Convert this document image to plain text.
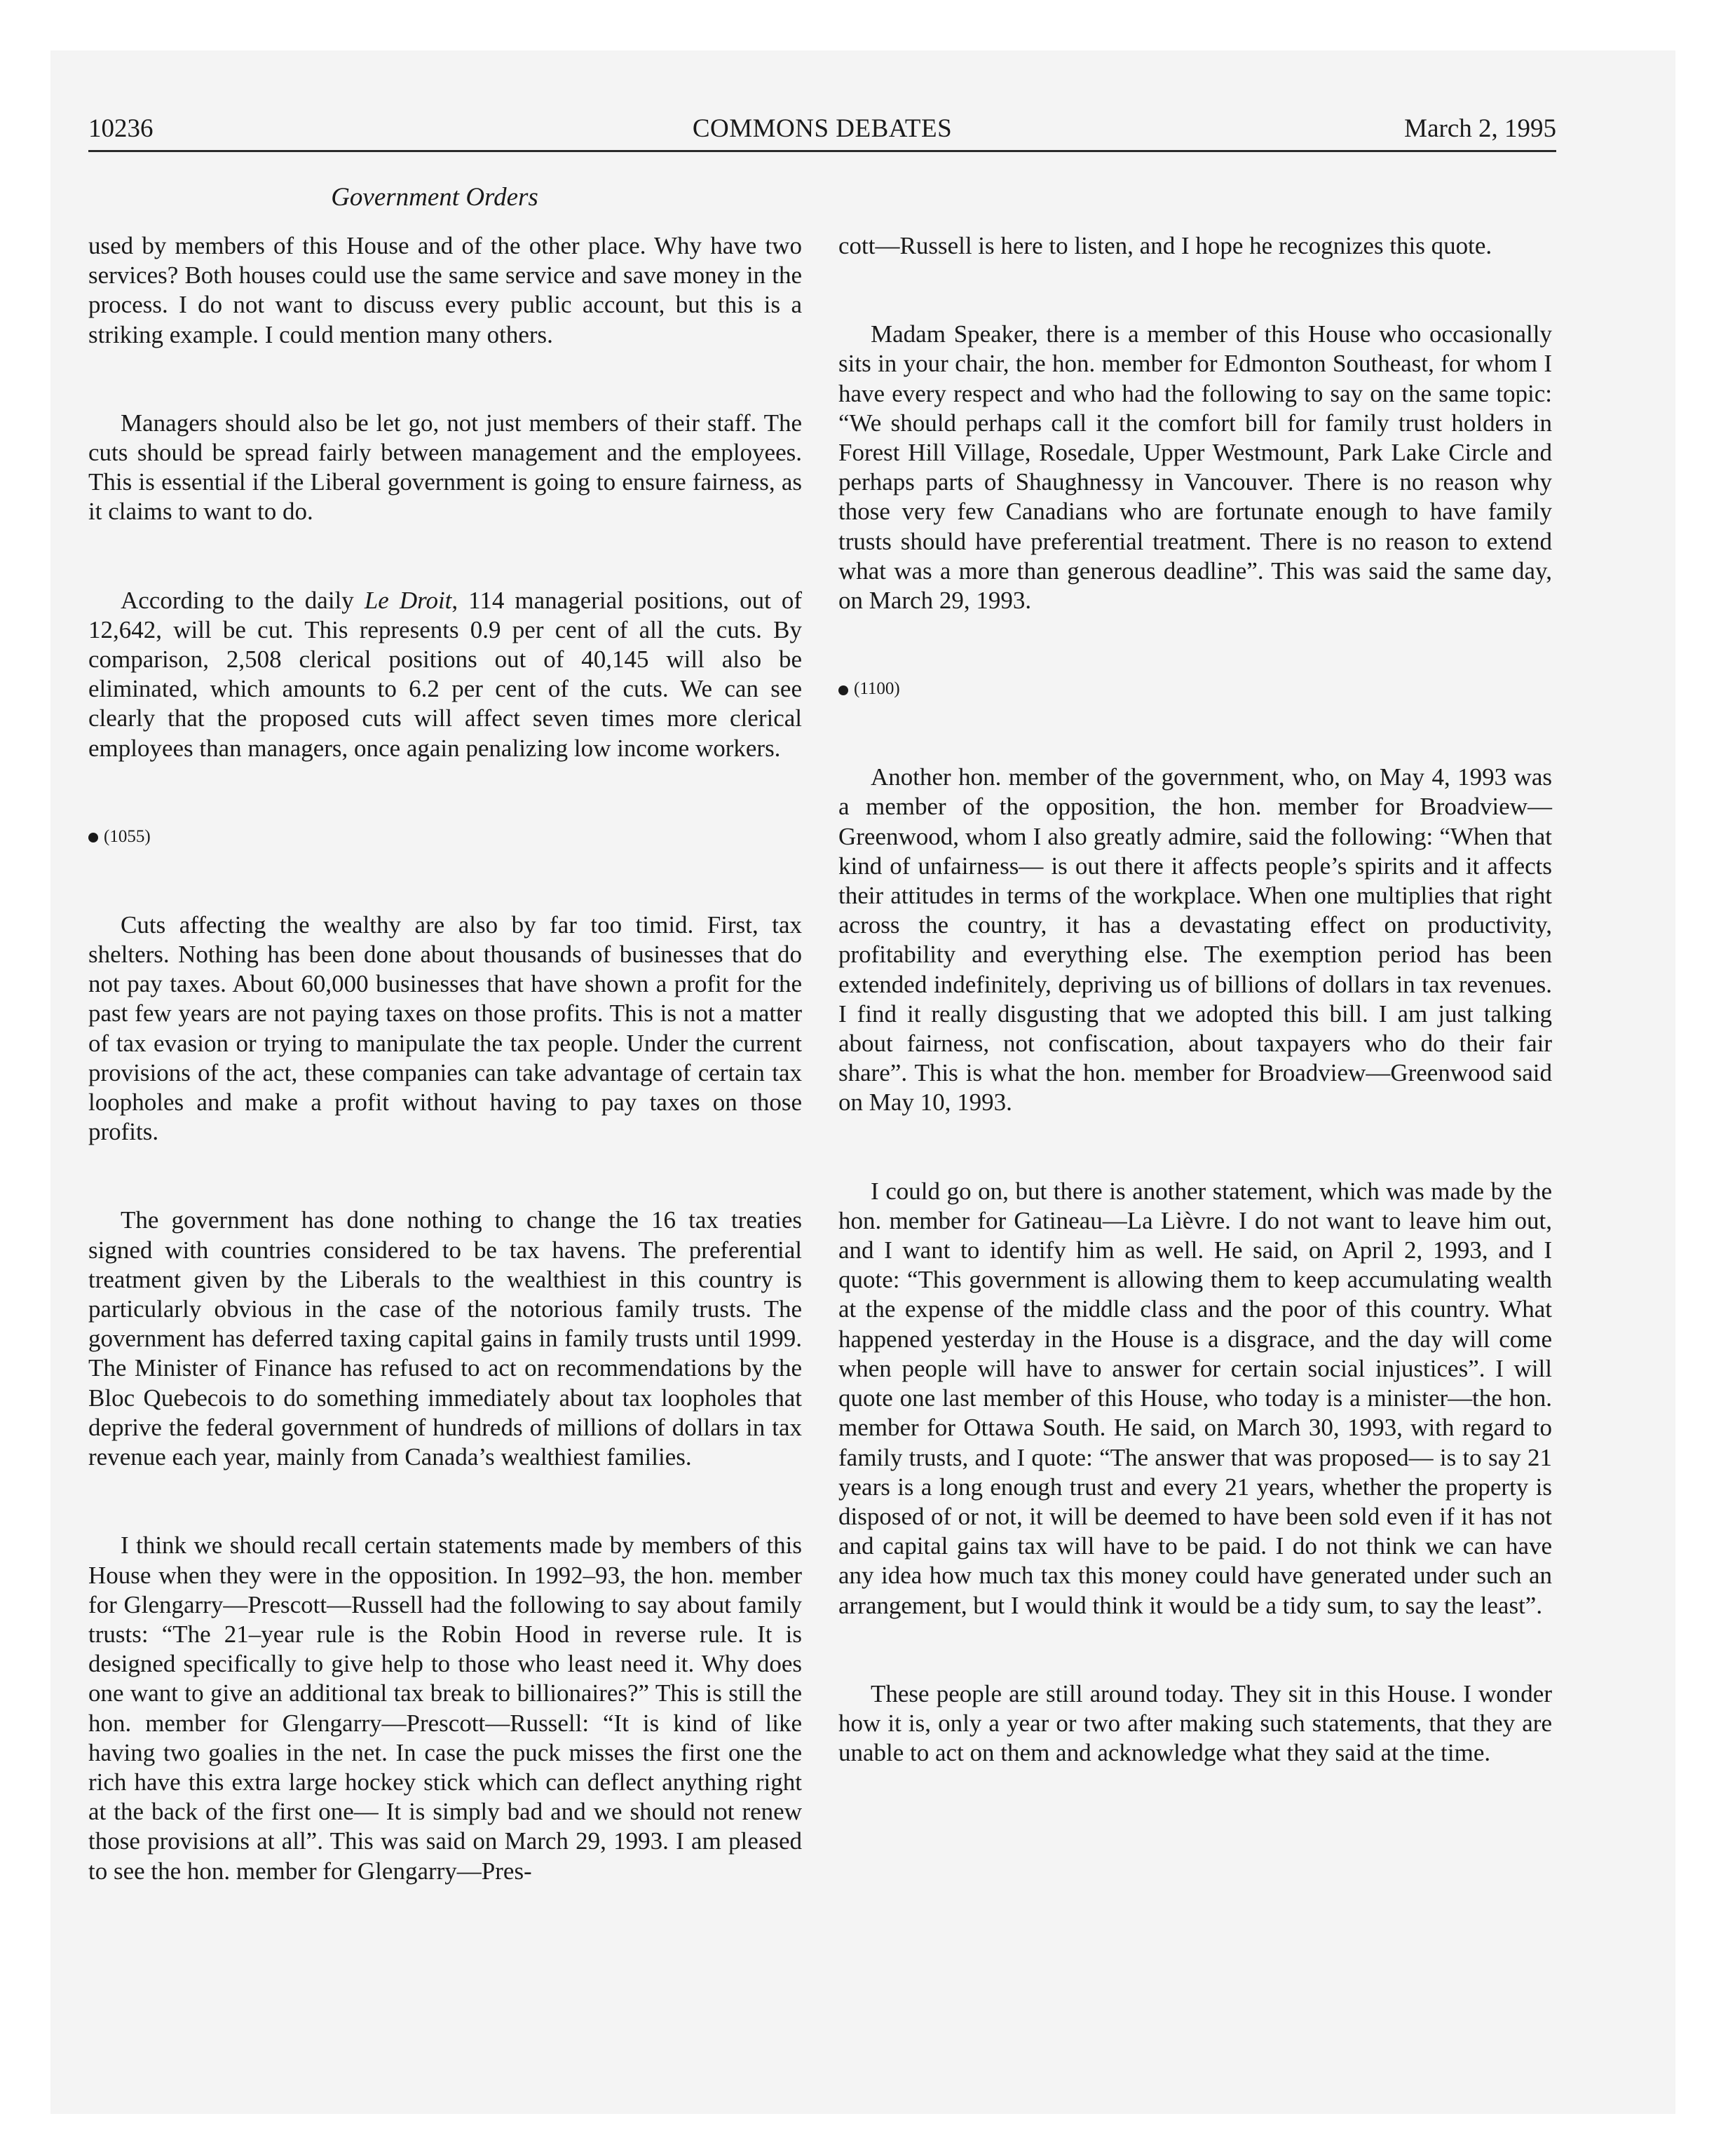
10236	COMMONS DEBATES	March 2, 1995
Government Orders

used by members of this House and of the other place. Why have two services? Both houses could use the same service and save money in the process. I do not want to discuss every public account, but this is a striking example. I could mention many others.

Managers should also be let go, not just members of their staff. The cuts should be spread fairly between management and the employees. This is essential if the Liberal government is going to ensure fairness, as it claims to want to do.

According to the daily Le Droit, 114 managerial positions, out of 12,642, will be cut. This represents 0.9 per cent of all the cuts. By comparison, 2,508 clerical positions out of 40,145 will also be eliminated, which amounts to 6.2 per cent of the cuts. We can see clearly that the proposed cuts will affect seven times more clerical employees than managers, once again penalizing low income workers.

(1055)

Cuts affecting the wealthy are also by far too timid. First, tax shelters. Nothing has been done about thousands of businesses that do not pay taxes. About 60,000 businesses that have shown a profit for the past few years are not paying taxes on those profits. This is not a matter of tax evasion or trying to manipulate the tax people. Under the current provisions of the act, these companies can take advantage of certain tax loopholes and make a profit without having to pay taxes on those profits.

The government has done nothing to change the 16 tax treaties signed with countries considered to be tax havens. The preferential treatment given by the Liberals to the wealthiest in this country is particularly obvious in the case of the notorious family trusts. The government has deferred taxing capital gains in family trusts until 1999. The Minister of Finance has refused to act on recommendations by the Bloc Quebecois to do something immediately about tax loopholes that deprive the federal government of hundreds of millions of dollars in tax revenue each year, mainly from Canada’s wealthiest families.

I think we should recall certain statements made by members of this House when they were in the opposition. In 1992–93, the hon. member for Glengarry—Prescott—Russell had the following to say about family trusts: “The 21–year rule is the Robin Hood in reverse rule. It is designed specifically to give help to those who least need it. Why does one want to give an additional tax break to billionaires?” This is still the hon. member for Glengarry—Prescott—Russell: “It is kind of like having two goalies in the net. In case the puck misses the first one the rich have this extra large hockey stick which can deflect anything right at the back of the first one— It is simply bad and we should not renew those provisions at all”. This was said on March 29, 1993. I am pleased to see the hon. member for Glengarry—Pres-

cott—Russell is here to listen, and I hope he recognizes this quote.

Madam Speaker, there is a member of this House who occasionally sits in your chair, the hon. member for Edmonton Southeast, for whom I have every respect and who had the following to say on the same topic: “We should perhaps call it the comfort bill for family trust holders in Forest Hill Village, Rosedale, Upper Westmount, Park Lake Circle and perhaps parts of Shaughnessy in Vancouver. There is no reason why those very few Canadians who are fortunate enough to have family trusts should have preferential treatment. There is no reason to extend what was a more than generous deadline”. This was said the same day, on March 29, 1993.

(1100)

Another hon. member of the government, who, on May 4, 1993 was a member of the opposition, the hon. member for Broadview—Greenwood, whom I also greatly admire, said the following: “When that kind of unfairness— is out there it affects people’s spirits and it affects their attitudes in terms of the workplace. When one multiplies that right across the country, it has a devastating effect on productivity, profitability and everything else. The exemption period has been extended indefinitely, depriving us of billions of dollars in tax revenues. I find it really disgusting that we adopted this bill. I am just talking about fairness, not confiscation, about taxpayers who do their fair share”. This is what the hon. member for Broadview—Greenwood said on May 10, 1993.

I could go on, but there is another statement, which was made by the hon. member for Gatineau—La Lièvre. I do not want to leave him out, and I want to identify him as well. He said, on April 2, 1993, and I quote: “This government is allowing them to keep accumulating wealth at the expense of the middle class and the poor of this country. What happened yesterday in the House is a disgrace, and the day will come when people will have to answer for certain social injustices”. I will quote one last member of this House, who today is a minister—the hon. member for Ottawa South. He said, on March 30, 1993, with regard to family trusts, and I quote: “The answer that was proposed— is to say 21 years is a long enough trust and every 21 years, whether the property is disposed of or not, it will be deemed to have been sold even if it has not and capital gains tax will have to be paid. I do not think we can have any idea how much tax this money could have generated under such an arrangement, but I would think it would be a tidy sum, to say the least”.

These people are still around today. They sit in this House. I wonder how it is, only a year or two after making such statements, that they are unable to act on them and acknowledge what they said at the time.
